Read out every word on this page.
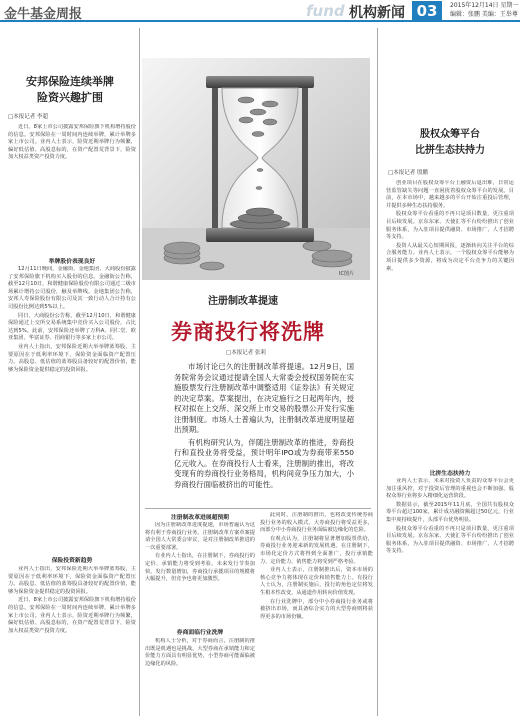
金牛基金周报	fund 机构新闻 03	2015年12月14日 星期一
编辑：张鹏 美编：王举尊
安邦保险连续举牌
险资兴趣扩围
□本报记者 李超

近日，8家上市公司披露安邦保险旗下机构增持股份的信息。安邦保险在一周时间内连续举牌，累计举牌多家上市公司。业内人士表示，险资近期举牌行为频繁，偏好低估值、高股息标的，在资产配置荒背景下，险资加大权益类资产投资力度。

举牌股价表现良好

12月11日晚间，金融街、金地集团、大商股份披露了安邦保险旗下机构买入股份的信息。金融街公告称，截至12月10日，和谐健康保险股份有限公司通过二级市场累计增持公司股份，触及举牌线。金地集团公告称，安邦人寿保险股份有限公司及其一致行动人合计持有公司股份比例达到5%以上。

同日，大商股份公告称，截至12月10日，和谐健康保险通过上交所交易系统集中竞价买入公司股份，占比达到5%。此前，安邦保险还举牌了万科A、同仁堂、欧亚集团、华富证券、招商银行等多家上市公司。

业内人士指出，安邦保险近期大举举牌蓝筹股，主要原因在于低利率环境下，保险资金面临资产配置压力。高股息、低估值的蓝筹股具备较好的配置价值，能够为保险资金提供稳定的投资回报。

保险投资新趋势

业内人士指出，安邦保险近期大举举牌蓝筹股，主要原因在于低利率环境下，保险资金面临资产配置压力。高股息、低估值的蓝筹股具备较好的配置价值，能够为保险资金提供稳定的投资回报。

近日，8家上市公司披露安邦保险旗下机构增持股份的信息。安邦保险在一周时间内连续举牌，累计举牌多家上市公司。业内人士表示，险资近期举牌行为频繁，偏好低估值、高股息标的，在资产配置荒背景下，险资加大权益类资产投资力度。

IC图片
注册制改革提速
券商投行将洗牌
□本报记者 张莉

市场讨论已久的注册制改革将提速。12月9日，国务院常务会议通过提请全国人大常委会授权国务院在实施股票发行注册制改革中调整适用《证券法》有关规定的决定草案。草案提出，在决定施行之日起两年内，授权对拟在上交所、深交所上市交易的股票公开发行实施注册制度。市场人士普遍认为，注册制改革进度明显超出预期。

有机构研究认为，伴随注册制改革的推进，券商投行和直投业务将受益，预计明年IPO或为券商带来550亿元收入。在券商投行人士看来，注册制的推出，将改变现有的券商投行业务格局，机构间竞争压力加大，小券商投行面临被挤出的可能性。

注册制改革进展超预期

因为注册制改革进度提速，市场普遍认为这将有利于券商投行业务。注册制改革方案草案提请全国人大常委会审议，是对注册制改革推进的一次重要部署。

有业内人士指出，在注册制下，券商投行的定价、承销能力将受到考验。未来发行节奏加快，发行数量增加，券商投行承揽项目的规模将大幅提升，但竞争也将更加激烈。

券商面临行业洗牌

机构人士分析，对于券商而言，注册制的推出既是机遇也是挑战。大型券商在承销能力和定价能力方面具有明显优势，小型券商可能面临被边缘化的风险。

此同时，注册制的推出，也将改变传统券商投行业务的收入模式。大券商投行将受益更多，而部分中小券商投行业务面临被边缘化的危险。

有观点认为，注册制将显著增加股票供给，券商投行业务迎来新的发展机遇。在注册制下，市场化定价方式将得到全面推广，投行承销能力、定价能力、销售能力将受到严格考验。

业内人士表示，注册制推出后，资本市场的核心竞争力将体现在定价和销售能力上。有投行人士认为，注册制实施后，投行的角色定位将发生根本性改变，从通道作用转向价值发现。

在行业洗牌中，部分中小券商投行业务或将被挤出市场，而具备综合实力的大型券商则将获得更多的市场份额。

股权众筹平台
比拼生态扶持力
□本报记者 殷鹏

创业项目在股权众筹平台上融资后退出难，日常运营监管缺失等问题一直困扰着股权众筹平台的发展。目前，在本市场中，越来越多的平台开始注重投后管理，并提供多种生态扶持服务。

股权众筹平台看重的不再只是项目数量，更注重项目后续发展。京东东家、天使汇等平台纷纷推出了创业服务体系，为入驻项目提供融资、市场推广、人才招聘等支持。

投资人从最关心短期回报，逐渐转向关注平台的综合服务能力。业内人士表示，一个股权众筹平台能够为项目提供多少资源，将成为决定平台竞争力的关键因素。

比拼生态扶持力

业内人士表示，未来对投资人负责的众筹平台会更加注重风控，对于投资后管理的重视也会不断加强。股权众筹行业将步入精细化运营阶段。

数据显示，截至2015年11月底，全国共有股权众筹平台超过100家，累计成功融资额超过50亿元。行业集中度持续提升，头部平台优势明显。

股权众筹平台看重的不再只是项目数量，更注重项目后续发展。京东东家、天使汇等平台纷纷推出了创业服务体系，为入驻项目提供融资、市场推广、人才招聘等支持。
